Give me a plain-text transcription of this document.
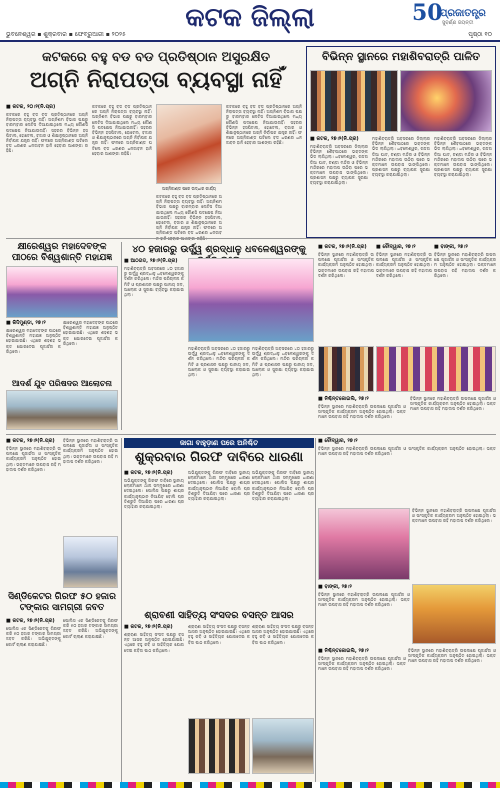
କଟକ ଜିଲ୍ଲା	50
ପ୍ରଜାତନ୍ତ୍ର
ସୁବର୍ଣ୍ଣ ଜୟନ୍ତୀ
ଭୁବନେଶ୍ୱର ▪ ଶୁକ୍ରବାର ▪ ଫେବ୍ରୁଆରୀ ▪ ୨୦୨୫	ପୃଷ୍ଠା ୧୦
କଟକରେ ବହୁ ବଡ ବଡ ପ୍ରତିଷ୍ଠାନ ଅସୁରକ୍ଷିତ
ଅଗ୍ନି ନିରାପତ୍ତା ବ୍ୟବସ୍ଥା ନାହିଁ
■ କଟକ, ୨୦।୨(ନି.ପ୍ର)
କଟକରେ ବହୁ ବଡ ବଡ ପ୍ରତିଷ୍ଠାନରେ ଅଗ୍ନି ନିରାପତ୍ତା ବ୍ୟବସ୍ଥା ନାହିଁ। ଅଗ୍ନିଶମ ବିଭାଗ ପକ୍ଷରୁ ବାରମ୍ବାର ନୋଟିସ ଦିଆଯାଇଥିଲେ ମଧ୍ୟ କୌଣସି ପଦକ୍ଷେପ ନିଆଯାଉନାହିଁ। ସହରର ବିଭିନ୍ନ ହସପିଟାଲ, ହୋଟେଲ, ବଜାର ଓ ଶିକ୍ଷାନୁଷ୍ଠାନରେ ଅଗ୍ନି ନିର୍ବାପକ ଯନ୍ତ୍ର ନାହିଁ। ଫଳରେ ଅଗ୍ନିକାଣ୍ଡ ଘଟିଲେ ବଡ ଧରଣର ଧନଜୀବନ ହାନି ହେବାର ଆଶଙ୍କା ରହିଛି।
କଟକରେ ବହୁ ବଡ ବଡ ପ୍ରତିଷ୍ଠାନରେ ଅଗ୍ନି ନିରାପତ୍ତା ବ୍ୟବସ୍ଥା ନାହିଁ। ଅଗ୍ନିଶମ ବିଭାଗ ପକ୍ଷରୁ ବାରମ୍ବାର ନୋଟିସ ଦିଆଯାଇଥିଲେ ମଧ୍ୟ କୌଣସି ପଦକ୍ଷେପ ନିଆଯାଉନାହିଁ। ସହରର ବିଭିନ୍ନ ହସପିଟାଲ, ହୋଟେଲ, ବଜାର ଓ ଶିକ୍ଷାନୁଷ୍ଠାନରେ ଅଗ୍ନି ନିର୍ବାପକ ଯନ୍ତ୍ର ନାହିଁ। ଫଳରେ ଅଗ୍ନିକାଣ୍ଡ ଘଟିଲେ ବଡ ଧରଣର ଧନଜୀବନ ହାନି ହେବାର ଆଶଙ୍କା ରହିଛି।
ଅଗ୍ନିକାଣ୍ଡ ପରେ ଉଦ୍ଧାର କାର୍ଯ୍ୟ
କଟକରେ ବହୁ ବଡ ବଡ ପ୍ରତିଷ୍ଠାନରେ ଅଗ୍ନି ନିରାପତ୍ତା ବ୍ୟବସ୍ଥା ନାହିଁ। ଅଗ୍ନିଶମ ବିଭାଗ ପକ୍ଷରୁ ବାରମ୍ବାର ନୋଟିସ ଦିଆଯାଇଥିଲେ ମଧ୍ୟ କୌଣସି ପଦକ୍ଷେପ ନିଆଯାଉନାହିଁ। ସହରର ବିଭିନ୍ନ ହସପିଟାଲ, ହୋଟେଲ, ବଜାର ଓ ଶିକ୍ଷାନୁଷ୍ଠାନରେ ଅଗ୍ନି ନିର୍ବାପକ ଯନ୍ତ୍ର ନାହିଁ। ଫଳରେ ଅଗ୍ନିକାଣ୍ଡ ଘଟିଲେ ବଡ ଧରଣର ଧନଜୀବନ ହାନି ହେବାର ଆଶଙ୍କା ରହିଛି।
କଟକରେ ବହୁ ବଡ ବଡ ପ୍ରତିଷ୍ଠାନରେ ଅଗ୍ନି ନିରାପତ୍ତା ବ୍ୟବସ୍ଥା ନାହିଁ। ଅଗ୍ନିଶମ ବିଭାଗ ପକ୍ଷରୁ ବାରମ୍ବାର ନୋଟିସ ଦିଆଯାଇଥିଲେ ମଧ୍ୟ କୌଣସି ପଦକ୍ଷେପ ନିଆଯାଉନାହିଁ। ସହରର ବିଭିନ୍ନ ହସପିଟାଲ, ହୋଟେଲ, ବଜାର ଓ ଶିକ୍ଷାନୁଷ୍ଠାନରେ ଅଗ୍ନି ନିର୍ବାପକ ଯନ୍ତ୍ର ନାହିଁ। ଫଳରେ ଅଗ୍ନିକାଣ୍ଡ ଘଟିଲେ ବଡ ଧରଣର ଧନଜୀବ
ବିଭିନ୍ନ ସ୍ଥାନରେ ମହାଶିବରାତ୍ରି ପାଳିତ
■ କଟକ, ୨୭।୨(ନି.ପ୍ର)
ମହାଶିବରାତ୍ରି ଅବସରରେ ଜିଲ୍ଲାର ବିଭିନ୍ନ ଶୈବପୀଠରେ ଭକ୍ତଙ୍କ ଭିଡ ଲାଗିଥିଲା। ଧବଳେଶ୍ୱର, ଗଡଗଡିଆ ଘାଟ, ଚଣ୍ଡୀ ମନ୍ଦିର ଓ ବିଭିନ୍ନ ମନ୍ଦିରରେ ମହାଦୀପ ଉଠିବା ପରେ ଭକ୍ତମାନେ ଉପବାସ ଭାଙ୍ଗିଥିଲେ। ପ୍ରଶାସନ ପକ୍ଷରୁ ବ୍ୟାପକ ସୁରକ୍ଷା ବ୍ୟବସ୍ଥା କରାଯାଇଥିଲା।
ମହାଶିବରାତ୍ରି ଅବସରରେ ଜିଲ୍ଲାର ବିଭିନ୍ନ ଶୈବପୀଠରେ ଭକ୍ତଙ୍କ ଭିଡ ଲାଗିଥିଲା। ଧବଳେଶ୍ୱର, ଗଡଗଡିଆ ଘାଟ, ଚଣ୍ଡୀ ମନ୍ଦିର ଓ ବିଭିନ୍ନ ମନ୍ଦିରରେ ମହାଦୀପ ଉଠିବା ପରେ ଭକ୍ତମାନେ ଉପବାସ ଭାଙ୍ଗିଥିଲେ। ପ୍ରଶାସନ ପକ୍ଷରୁ ବ୍ୟାପକ ସୁରକ୍ଷା ବ୍ୟବସ୍ଥା କରାଯାଇଥିଲା।
ମହାଶିବରାତ୍ରି ଅବସରରେ ଜିଲ୍ଲାର ବିଭିନ୍ନ ଶୈବପୀଠରେ ଭକ୍ତଙ୍କ ଭିଡ ଲାଗିଥିଲା। ଧବଳେଶ୍ୱର, ଗଡଗଡିଆ ଘାଟ, ଚଣ୍ଡୀ ମନ୍ଦିର ଓ ବିଭିନ୍ନ ମନ୍ଦିରରେ ମହାଦୀପ ଉଠିବା ପରେ ଭକ୍ତମାନେ ଉପବାସ ଭାଙ୍ଗିଥିଲେ। ପ୍ରଶାସନ ପକ୍ଷରୁ ବ୍ୟାପକ ସୁରକ୍ଷା ବ୍ୟବସ୍ଥା କରାଯାଇଥିଲା।
କ୍ଷୀରେଶ୍ୱର ମହାଦେବଙ୍କ ପୀଠରେ ବିଶ୍ୱଶାନ୍ତି ମହାଯଜ୍ଞ
■ କିଦ୍ଦିମୁଣ୍ଡା, ୨୭।୨
କ୍ଷୀରେଶ୍ୱର ମହାଦେବଙ୍କ ପୀଠରେ ବିଶ୍ୱଶାନ୍ତି ମହାଯଜ୍ଞ ଅନୁଷ୍ଠିତ ହୋଇଯାଇଛି। ଏଥିରେ ଶହଶହ ଭକ୍ତ ଯୋଗଦେଇ ପୂଜାର୍ଚ୍ଚନା କରିଥିଲେ।
କ୍ଷୀରେଶ୍ୱର ମହାଦେବଙ୍କ ପୀଠରେ ବିଶ୍ୱଶାନ୍ତି ମହାଯଜ୍ଞ ଅନୁଷ୍ଠିତ ହୋଇଯାଇଛି। ଏଥିରେ ଶହଶହ ଭକ୍ତ ଯୋଗଦେଇ ପୂଜାର୍ଚ୍ଚନା କରିଥିଲେ।
ଆଦର୍ଶ ଯୁବ ପରିଷଦର ଆଲୋଚନା
୪୦ ହଜାରରୁ ଉର୍ଦ୍ଧ୍ୱ ଶ୍ରଦ୍ଧାଳୁ ଧବଳେଶ୍ୱରଙ୍କୁ
■ ଆଠଗଡ, ୨୭।୨(ନି.ପ୍ର)
ମହାଶିବରାତ୍ରି ଅବସରରେ ୪୦ ହଜାରରୁ ଉର୍ଦ୍ଧ୍ୱ ଶ୍ରଦ୍ଧାଳୁ ଧବଳେଶ୍ୱରଙ୍କୁ ଦର୍ଶନ କରିଥିଲେ। ମନ୍ଦିର ପରିଚାଳନା କମିଟି ଓ ପ୍ରଶାସନ ପକ୍ଷରୁ ପାନୀୟ ଜଳ, ଆଲୋକ ଓ ସୁରକ୍ଷା ବ୍ୟବସ୍ଥା କରାଯାଇଥିଲା।
ମହାଶିବରାତ୍ରି ଅବସରରେ ୪୦ ହଜାରରୁ ଉର୍ଦ୍ଧ୍ୱ ଶ୍ରଦ୍ଧାଳୁ ଧବଳେଶ୍ୱରଙ୍କୁ ଦର୍ଶନ କରିଥିଲେ। ମନ୍ଦିର ପରିଚାଳନା କମିଟି ଓ ପ୍ରଶାସନ ପକ୍ଷରୁ ପାନୀୟ ଜଳ, ଆଲୋକ ଓ ସୁରକ୍ଷା ବ୍ୟବସ୍ଥା କରାଯାଇଥିଲା।
ମହାଶିବରାତ୍ରି ଅବସରରେ ୪୦ ହଜାରରୁ ଉର୍ଦ୍ଧ୍ୱ ଶ୍ରଦ୍ଧାଳୁ ଧବଳେଶ୍ୱରଙ୍କୁ ଦର୍ଶନ କରିଥିଲେ। ମନ୍ଦିର ପରିଚାଳନା କମିଟି ଓ ପ୍ରଶାସନ ପକ୍ଷରୁ ପାନୀୟ ଜଳ, ଆଲୋକ ଓ ସୁରକ୍ଷା ବ୍ୟବସ୍ଥା କରାଯାଇଥିଲା।
■ କଟକ, ୨୭।୨(ନି.ପ୍ର)
ବିଭିନ୍ନ ସ୍ଥାନରେ ମହାଶିବରାତ୍ରି ଉପଲକ୍ଷେ ପୂଜାର୍ଚ୍ଚନା ଓ ସାଂସ୍କୃତିକ କାର୍ଯ୍ୟକ୍ରମ ଅନୁଷ୍ଠିତ ହୋଇଥିଲା। ଭକ୍ତମାନେ ଉପବାସ ରହି ମହାଦୀପ ଦର୍ଶନ କରିଥିଲେ।
■ ଚୌଦ୍ୱାର, ୨୭।୨
ବିଭିନ୍ନ ସ୍ଥାନରେ ମହାଶିବରାତ୍ରି ଉପଲକ୍ଷେ ପୂଜାର୍ଚ୍ଚନା ଓ ସାଂସ୍କୃତିକ କାର୍ଯ୍ୟକ୍ରମ ଅନୁଷ୍ଠିତ ହୋଇଥିଲା। ଭକ୍ତମାନେ ଉପବାସ ରହି ମହାଦୀପ ଦର୍ଶନ କରିଥିଲେ।
■ ବାଙ୍କୀ, ୨୭।୨
ବିଭିନ୍ନ ସ୍ଥାନରେ ମହାଶିବରାତ୍ରି ଉପଲକ୍ଷେ ପୂଜାର୍ଚ୍ଚନା ଓ ସାଂସ୍କୃତିକ କାର୍ଯ୍ୟକ୍ରମ ଅନୁଷ୍ଠିତ ହୋଇଥିଲା। ଭକ୍ତମାନେ ଉପବାସ ରହି ମହାଦୀପ ଦର୍ଶନ କରିଥିଲେ।
■ ନିଶ୍ଚିନ୍ତକୋଇଲି, ୨୭।୨
ବିଭିନ୍ନ ସ୍ଥାନରେ ମହାଶିବରାତ୍ରି ଉପଲକ୍ଷେ ପୂଜାର୍ଚ୍ଚନା ଓ ସାଂସ୍କୃତିକ କାର୍ଯ୍ୟକ୍ରମ ଅନୁଷ୍ଠିତ ହୋଇଥିଲା। ଭକ୍ତମାନେ ଉପବାସ ରହି ମହାଦୀପ ଦର୍ଶନ କରିଥିଲେ।
ବିଭିନ୍ନ ସ୍ଥାନରେ ମହାଶିବରାତ୍ରି ଉପଲକ୍ଷେ ପୂଜାର୍ଚ୍ଚନା ଓ ସାଂସ୍କୃତିକ କାର୍ଯ୍ୟକ୍ରମ ଅନୁଷ୍ଠିତ ହୋଇଥିଲା। ଭକ୍ତମାନେ ଉପବାସ ରହି ମହାଦୀପ ଦର୍ଶନ କରିଥିଲେ।
ଜାଗା ବାହୁଡ଼ାଣ ପରେ ଅନିଶ୍ଚିତ
ଶୁକ୍ରବାର ଗିରଫ ଦାବିରେ ଧାରଣା
■ କଟକ, ୨୭।୨(ନି.ପ୍ର)
ଅଭିଯୁକ୍ତଙ୍କୁ ଗିରଫ ଦାବିରେ ସ୍ଥାନୀୟ ଲୋକମାନେ ଥାନା ସମ୍ମୁଖରେ ଧାରଣା ଦେଇଥିଲେ। ପୋଲିସ ପକ୍ଷରୁ ଶୀଘ୍ର କାର୍ଯ୍ୟାନୁଷ୍ଠାନ ନିଆଯିବ ବୋଲି ପ୍ରତିଶ୍ରୁତି ଦିଆଯିବା ପରେ ଧାରଣା ପ୍ରତ୍ୟାହାର କରାଯାଇଥିଲା।
ଅଭିଯୁକ୍ତଙ୍କୁ ଗିରଫ ଦାବିରେ ସ୍ଥାନୀୟ ଲୋକମାନେ ଥାନା ସମ୍ମୁଖରେ ଧାରଣା ଦେଇଥିଲେ। ପୋଲିସ ପକ୍ଷରୁ ଶୀଘ୍ର କାର୍ଯ୍ୟାନୁଷ୍ଠାନ ନିଆଯିବ ବୋଲି ପ୍ରତିଶ୍ରୁତି ଦିଆଯିବା ପରେ ଧାରଣା ପ୍ରତ୍ୟାହାର କରାଯାଇଥିଲା।
ଅଭିଯୁକ୍ତଙ୍କୁ ଗିରଫ ଦାବିରେ ସ୍ଥାନୀୟ ଲୋକମାନେ ଥାନା ସମ୍ମୁଖରେ ଧାରଣା ଦେଇଥିଲେ। ପୋଲିସ ପକ୍ଷରୁ ଶୀଘ୍ର କାର୍ଯ୍ୟାନୁଷ୍ଠାନ ନିଆଯିବ ବୋଲି ପ୍ରତିଶ୍ରୁତି ଦିଆଯିବା ପରେ ଧାରଣା ପ୍ରତ୍ୟାହାର କରାଯାଇଥିଲା।
■ କଟକ, ୨୭।୨(ନି.ପ୍ର)
ବିଭିନ୍ନ ସ୍ଥାନରେ ମହାଶିବରାତ୍ରି ଉପଲକ୍ଷେ ପୂଜାର୍ଚ୍ଚନା ଓ ସାଂସ୍କୃତିକ କାର୍ଯ୍ୟକ୍ରମ ଅନୁଷ୍ଠିତ ହୋଇଥିଲା। ଭକ୍ତମାନେ ଉପବାସ ରହି ମହାଦୀପ ଦର୍ଶନ କରିଥିଲେ।
ବିଭିନ୍ନ ସ୍ଥାନରେ ମହାଶିବରାତ୍ରି ଉପଲକ୍ଷେ ପୂଜାର୍ଚ୍ଚନା ଓ ସାଂସ୍କୃତିକ କାର୍ଯ୍ୟକ୍ରମ ଅନୁଷ୍ଠିତ ହୋଇଥିଲା। ଭକ୍ତମାନେ ଉପବାସ ରହି ମହାଦୀପ ଦର୍ଶନ କରିଥିଲେ।
ସିଣ୍ଡିକେଟର ଗିରଫ ୫୦ ହଜାର ଟଙ୍କାର ସାମଗ୍ରୀ ଜବତ
■ କଟକ, ୨୭।୨(ନି.ପ୍ର)
ପୋଲିସ ଏକ ସିଣ୍ଡିକେଟକୁ ଗିରଫ କରି ୫୦ ହଜାର ଟଙ୍କାର ସାମଗ୍ରୀ ଜବତ କରିଛି। ଅଭିଯୁକ୍ତଙ୍କୁ କୋର୍ଟ ଚାଲାଣ କରାଯାଇଛି।
ପୋଲିସ ଏକ ସିଣ୍ଡିକେଟକୁ ଗିରଫ କରି ୫୦ ହଜାର ଟଙ୍କାର ସାମଗ୍ରୀ ଜବତ କରିଛି। ଅଭିଯୁକ୍ତଙ୍କୁ କୋର୍ଟ ଚାଲାଣ କରାଯାଇଛି।
ଶ୍ରାବଣୀ ସାହିତ୍ୟ ସଂସଦର ବସନ୍ତ ଆସର
■ କଟକ, ୨୭।୨(ନି.ପ୍ର)
ଶ୍ରାବଣୀ ସାହିତ୍ୟ ସଂସଦ ପକ୍ଷରୁ ବସନ୍ତ ଆସର ଅନୁଷ୍ଠିତ ହୋଇଯାଇଛି। ଏଥିରେ ବହୁ କବି ଓ ସାହିତ୍ୟିକ ଯୋଗଦେଇ କବିତା ପାଠ କରିଥିଲେ।
ଶ୍ରାବଣୀ ସାହିତ୍ୟ ସଂସଦ ପକ୍ଷରୁ ବସନ୍ତ ଆସର ଅନୁଷ୍ଠିତ ହୋଇଯାଇଛି। ଏଥିରେ ବହୁ କବି ଓ ସାହିତ୍ୟିକ ଯୋଗଦେଇ କବିତା ପାଠ କରିଥିଲେ।
ଶ୍ରାବଣୀ ସାହିତ୍ୟ ସଂସଦ ପକ୍ଷରୁ ବସନ୍ତ ଆସର ଅନୁଷ୍ଠିତ ହୋଇଯାଇଛି। ଏଥିରେ ବହୁ କବି ଓ ସାହିତ୍ୟିକ ଯୋଗଦେଇ କବିତା ପାଠ କରିଥିଲେ।
■ ଚୌଦ୍ୱାର, ୨୭।୨
ବିଭିନ୍ନ ସ୍ଥାନରେ ମହାଶିବରାତ୍ରି ଉପଲକ୍ଷେ ପୂଜାର୍ଚ୍ଚନା ଓ ସାଂସ୍କୃତିକ କାର୍ଯ୍ୟକ୍ରମ ଅନୁଷ୍ଠିତ ହୋଇଥିଲା। ଭକ୍ତମାନେ ଉପବାସ ରହି ମହାଦୀପ ଦର୍ଶନ କରିଥିଲେ।
ବିଭିନ୍ନ ସ୍ଥାନରେ ମହାଶିବରାତ୍ରି ଉପଲକ୍ଷେ ପୂଜାର୍ଚ୍ଚନା ଓ ସାଂସ୍କୃତିକ କାର୍ଯ୍ୟକ୍ରମ ଅନୁଷ୍ଠିତ ହୋଇଥିଲା। ଭକ୍ତମାନେ ଉପବାସ ରହି ମହାଦୀପ ଦର୍ଶନ କରିଥିଲେ।
■ ବାଙ୍କୀ, ୨୭।୨
ବିଭିନ୍ନ ସ୍ଥାନରେ ମହାଶିବରାତ୍ରି ଉପଲକ୍ଷେ ପୂଜାର୍ଚ୍ଚନା ଓ ସାଂସ୍କୃତିକ କାର୍ଯ୍ୟକ୍ରମ ଅନୁଷ୍ଠିତ ହୋଇଥିଲା। ଭକ୍ତମାନେ ଉପବାସ ରହି ମହାଦୀପ ଦର୍ଶନ କରିଥିଲେ।
■ ନିଶ୍ଚିନ୍ତକୋଇଲି, ୨୭।୨
ବିଭିନ୍ନ ସ୍ଥାନରେ ମହାଶିବରାତ୍ରି ଉପଲକ୍ଷେ ପୂଜାର୍ଚ୍ଚନା ଓ ସାଂସ୍କୃତିକ କାର୍ଯ୍ୟକ୍ରମ ଅନୁଷ୍ଠିତ ହୋଇଥିଲା। ଭକ୍ତମାନେ ଉପବାସ ରହି ମହାଦୀପ ଦର୍ଶନ କରିଥିଲେ।
ବିଭିନ୍ନ ସ୍ଥାନରେ ମହାଶିବରାତ୍ରି ଉପଲକ୍ଷେ ପୂଜାର୍ଚ୍ଚନା ଓ ସାଂସ୍କୃତିକ କାର୍ଯ୍ୟକ୍ରମ ଅନୁଷ୍ଠିତ ହୋଇଥିଲା। ଭକ୍ତମାନେ ଉପବାସ ରହି ମହାଦୀପ ଦର୍ଶନ କରିଥିଲେ।
